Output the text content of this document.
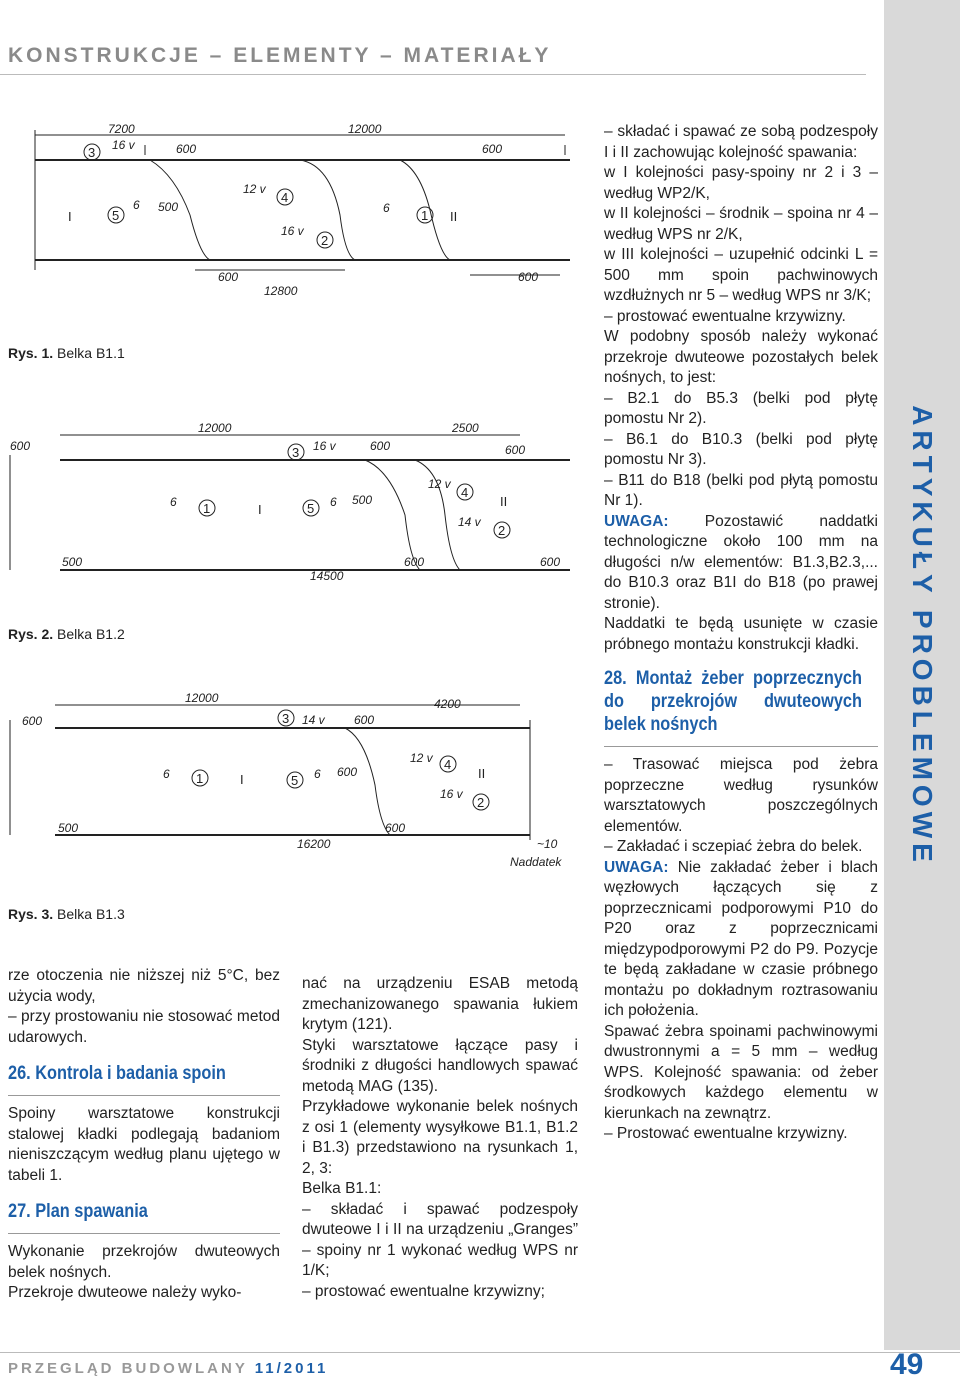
KONSTRUKCJE – ELEMENTY – MATERIAŁY
ARTYKUŁY PROBLEMOWE
7200
16 v	600
12000
600
12 v
16 v
500
6	6
600
12800
600
3
I	5
4
2
1 II
Rys. 1. Belka B1.1
600
12000
16 v	600
2500
600
12 v
14 v
6	6 500
500
14500
600	600
3
1	I	5
4
II
2
Rys. 2. Belka B1.2
600
12000
14 v 600
4200
12 v
16 v
6	6 600
500
16200
600
~10
Naddatek
3
1	I	5
4
II
2
Rys. 3. Belka B1.3

rze otoczenia nie niższej niż 5°C, bez użycia wody,

– przy prostowaniu nie stosować metod udarowych.

26. Kontrola i badania spoin

Spoiny warsztatowe konstrukcji stalowej kładki podlegają badaniom nieniszczącym według planu ujętego w tabeli 1.

27. Plan spawania

Wykonanie przekrojów dwuteowych belek nośnych.

Przekroje dwuteowe należy wyko-

nać na urządzeniu ESAB metodą zmechanizowanego spawania łukiem krytym (121).

Styki warsztatowe łączące pasy i środniki z długości handlowych spawać metodą MAG (135).

Przykładowe wykonanie belek nośnych z osi 1 (elementy wysyłkowe B1.1, B1.2 i B1.3) przedstawiono na rysunkach 1, 2, 3:

Belka B1.1:

– składać i spawać podzespoły dwuteowe I i II na urządzeniu „Granges” – spoiny nr 1 wykonać według WPS nr 1/K;

– prostować ewentualne krzywizny;

– składać i spawać ze sobą podzespoły I i II zachowując kolejność spawania:

w I kolejności pasy-spoiny nr 2 i 3 – według WP2/K,

w II kolejności – środnik – spoina nr 4 – według WPS nr 2/K,

w III kolejności – uzupełnić odcinki L = 500 mm spoin pachwinowych wzdłużnych nr 5 – według WPS nr 3/K;

– prostować ewentualne krzywizny.

W podobny sposób należy wykonać przekroje dwuteowe pozostałych belek nośnych, to jest:

– B2.1 do B5.3 (belki pod płytę pomostu Nr 2).

– B6.1 do B10.3 (belki pod płytę pomostu Nr 3).

– B11 do B18 (belki pod płytą pomostu Nr 1).

UWAGA: Pozostawić naddatki technologiczne około 100 mm na długości n/w elementów: B1.3,B2.3,... do B10.3 oraz B1I do B18 (po prawej stronie).

Naddatki te będą usunięte w czasie próbnego montażu konstrukcji kładki.

28. Montaż żeber poprzecznych do przekrojów dwuteowych belek nośnych

– Trasować miejsca pod żebra poprzeczne według rysunków warsztatowych poszczególnych elementów.

– Zakładać i sczepiać żebra do belek.

UWAGA: Nie zakładać żeber i blach węzłowych łączących się z poprzecznicami podporowymi P10 do P20 oraz z poprzecznicami międzypodporowymi P2 do P9. Pozycje te będą zakładane w czasie próbnego montażu po dokładnym roztrasowaniu ich położenia.

Spawać żebra spoinami pachwinowymi dwustronnymi a = 5 mm – według WPS. Kolejność spawania: od żeber środkowych każdego elementu w kierunkach na zewnątrz.

– Prostować ewentualne krzywizny.

PRZEGLĄD BUDOWLANY 11/2011	49
